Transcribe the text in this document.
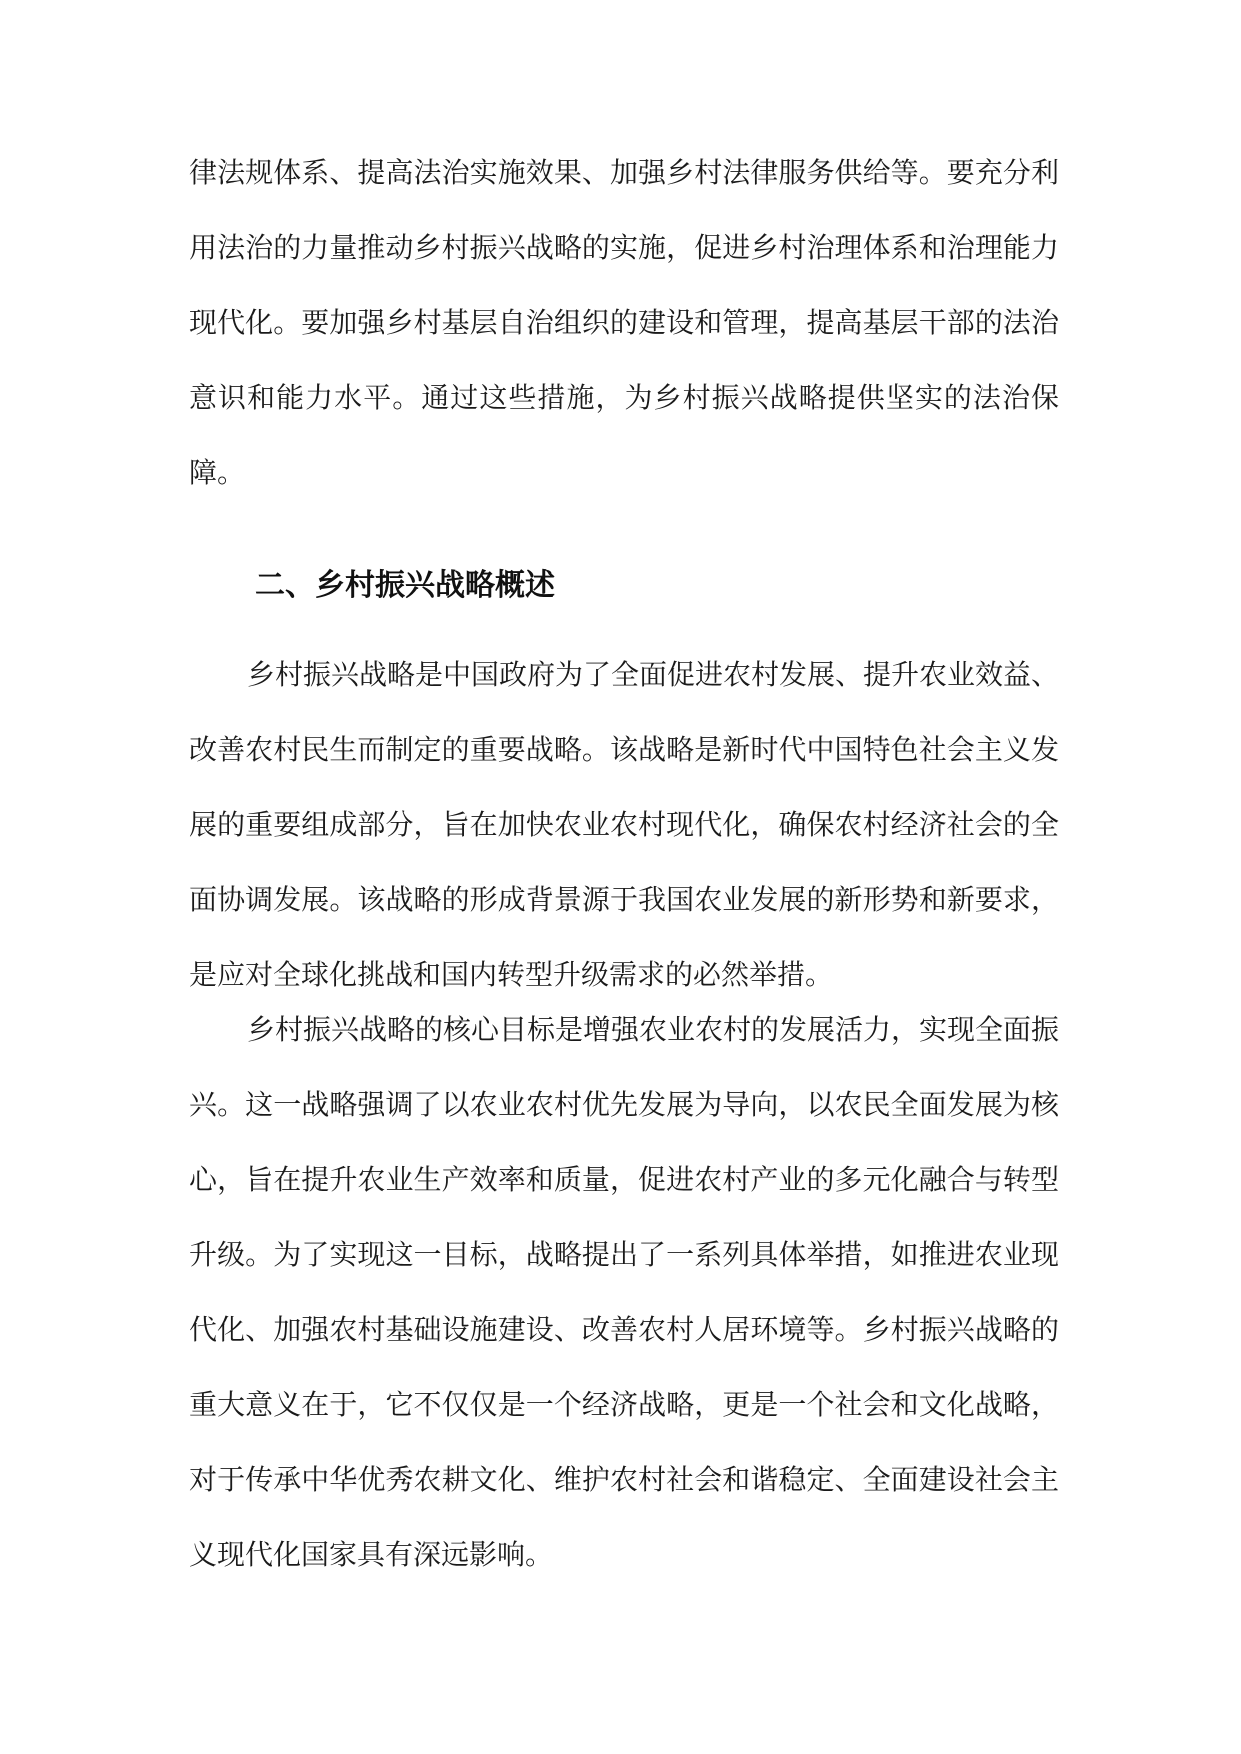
律法规体系、提高法治实施效果、加强乡村法律服务供给等。要充分利用法治的力量推动乡村振兴战略的实施，促进乡村治理体系和治理能力现代化。要加强乡村基层自治组织的建设和管理，提高基层干部的法治意识和能力水平。通过这些措施，为乡村振兴战略提供坚实的法治保障。

二、乡村振兴战略概述

乡村振兴战略是中国政府为了全面促进农村发展、提升农业效益、改善农村民生而制定的重要战略。该战略是新时代中国特色社会主义发展的重要组成部分，旨在加快农业农村现代化，确保农村经济社会的全面协调发展。该战略的形成背景源于我国农业发展的新形势和新要求，是应对全球化挑战和国内转型升级需求的必然举措。

乡村振兴战略的核心目标是增强农业农村的发展活力，实现全面振兴。这一战略强调了以农业农村优先发展为导向，以农民全面发展为核心，旨在提升农业生产效率和质量，促进农村产业的多元化融合与转型升级。为了实现这一目标，战略提出了一系列具体举措，如推进农业现代化、加强农村基础设施建设、改善农村人居环境等。乡村振兴战略的重大意义在于，它不仅仅是一个经济战略，更是一个社会和文化战略，对于传承中华优秀农耕文化、维护农村社会和谐稳定、全面建设社会主义现代化国家具有深远影响。
